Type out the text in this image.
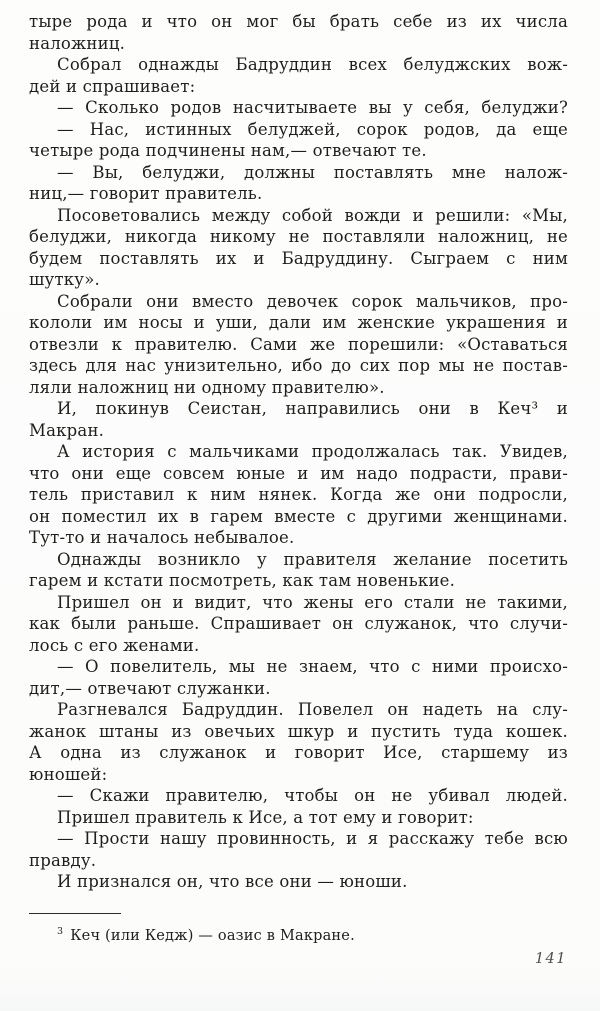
тыре рода и что он мог бы брать себе из их числа
наложниц.
Собрал однажды Бадруддин всех белуджских вож-
дей и спрашивает:
— Сколько родов насчитываете вы у себя, белуджи?
— Нас, истинных белуджей, сорок родов, да еще
четыре рода подчинены нам,— отвечают те.
— Вы, белуджи, должны поставлять мне налож-
ниц,— говорит правитель.
Посоветовались между собой вожди и решили: «Мы,
белуджи, никогда никому не поставляли наложниц, не
будем поставлять их и Бадруддину. Сыграем с ним
шутку».
Собрали они вместо девочек сорок мальчиков, про-
кололи им носы и уши, дали им женские украшения и
отвезли к правителю. Сами же порешили: «Оставаться
здесь для нас унизительно, ибо до сих пор мы не постав-
ляли наложниц ни одному правителю».
И, покинув Сеистан, направились они в Кеч³ и
Макран.
А история с мальчиками продолжалась так. Увидев,
что они еще совсем юные и им надо подрасти, прави-
тель приставил к ним нянек. Когда же они подросли,
он поместил их в гарем вместе с другими женщинами.
Тут-то и началось небывалое.
Однажды возникло у правителя желание посетить
гарем и кстати посмотреть, как там новенькие.
Пришел он и видит, что жены его стали не такими,
как были раньше. Спрашивает он служанок, что случи-
лось с его женами.
— О повелитель, мы не знаем, что с ними происхо-
дит,— отвечают служанки.
Разгневался Бадруддин. Повелел он надеть на слу-
жанок штаны из овечьих шкур и пустить туда кошек.
А одна из служанок и говорит Исе, старшему из
юношей:
— Скажи правителю, чтобы он не убивал людей.
Пришел правитель к Исе, а тот ему и говорит:
— Прости нашу провинность, и я расскажу тебе всю
правду.
И признался он, что все они — юноши.
$^3$ Кеч (или Кедж) — оазис в Макране.
141
